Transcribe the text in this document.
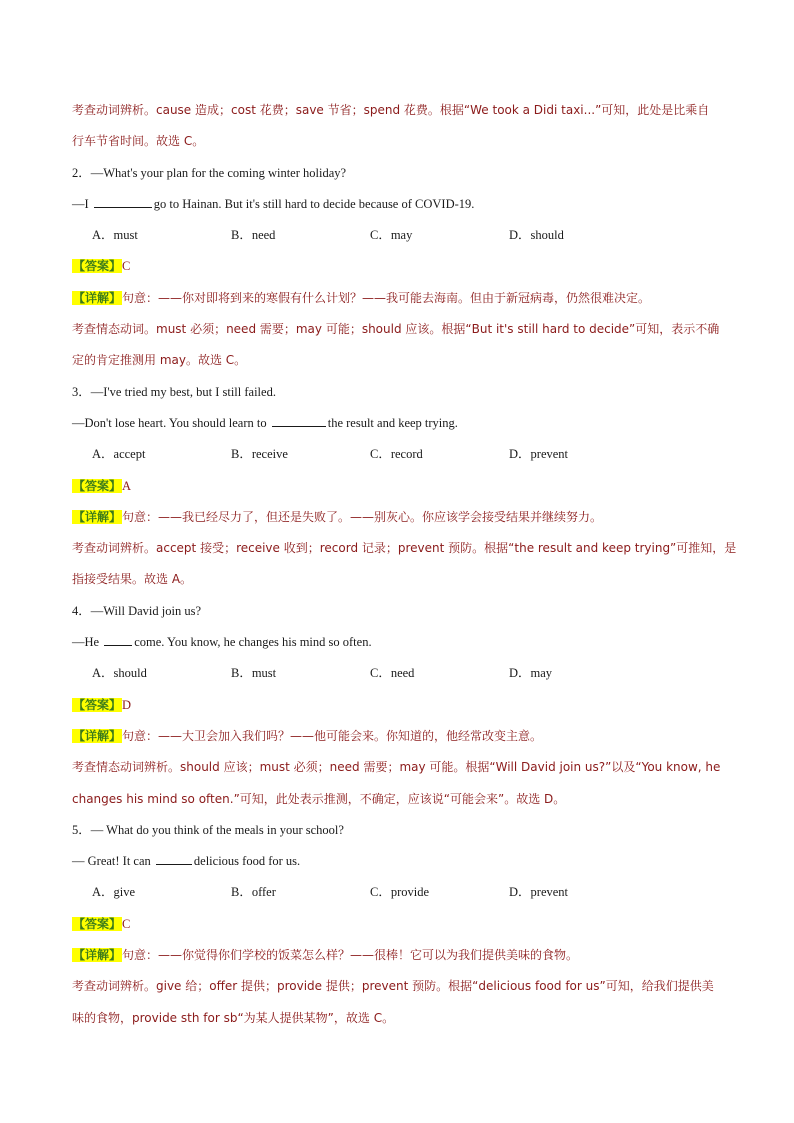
考查动词辨析。cause 造成；cost 花费；save 节省；spend 花费。根据“We took a Didi taxi...”可知，此处是比乘自
行车节省时间。故选 C。
2．—What's your plan for the coming winter holiday?
—I	go to Hainan. But it's still hard to decide because of COVID-19.
A．must	B．need	C．may	D．should
【答案】C
【详解】句意：——你对即将到来的寒假有什么计划？——我可能去海南。但由于新冠病毒，仍然很难决定。
考查情态动词。must 必须；need 需要；may 可能；should 应该。根据“But it's still hard to decide”可知，表示不确
定的肯定推测用 may。故选 C。
3．—I've tried my best, but I still failed.
—Don't lose heart. You should learn to	the result and keep trying.
A．accept	B．receive	C．record	D．prevent
【答案】A
【详解】句意：——我已经尽力了，但还是失败了。——别灰心。你应该学会接受结果并继续努力。
考查动词辨析。accept 接受；receive 收到；record 记录；prevent 预防。根据“the result and keep trying”可推知，是
指接受结果。故选 A。
4．—Will David join us?
—He	come. You know, he changes his mind so often.
A．should	B．must	C．need	D．may
【答案】D
【详解】句意：——大卫会加入我们吗？——他可能会来。你知道的，他经常改变主意。
考查情态动词辨析。should 应该；must 必须；need 需要；may 可能。根据“Will David join us?”以及“You know, he
changes his mind so often.”可知，此处表示推测，不确定，应该说“可能会来”。故选 D。
5．— What do you think of the meals in your school?
— Great! It can	delicious food for us.
A．give	B．offer	C．provide	D．prevent
【答案】C
【详解】句意：——你觉得你们学校的饭菜怎么样？——很棒！它可以为我们提供美味的食物。
考查动词辨析。give 给；offer 提供；provide 提供；prevent 预防。根据“delicious food for us”可知，给我们提供美
味的食物，provide sth for sb“为某人提供某物”，故选 C。
